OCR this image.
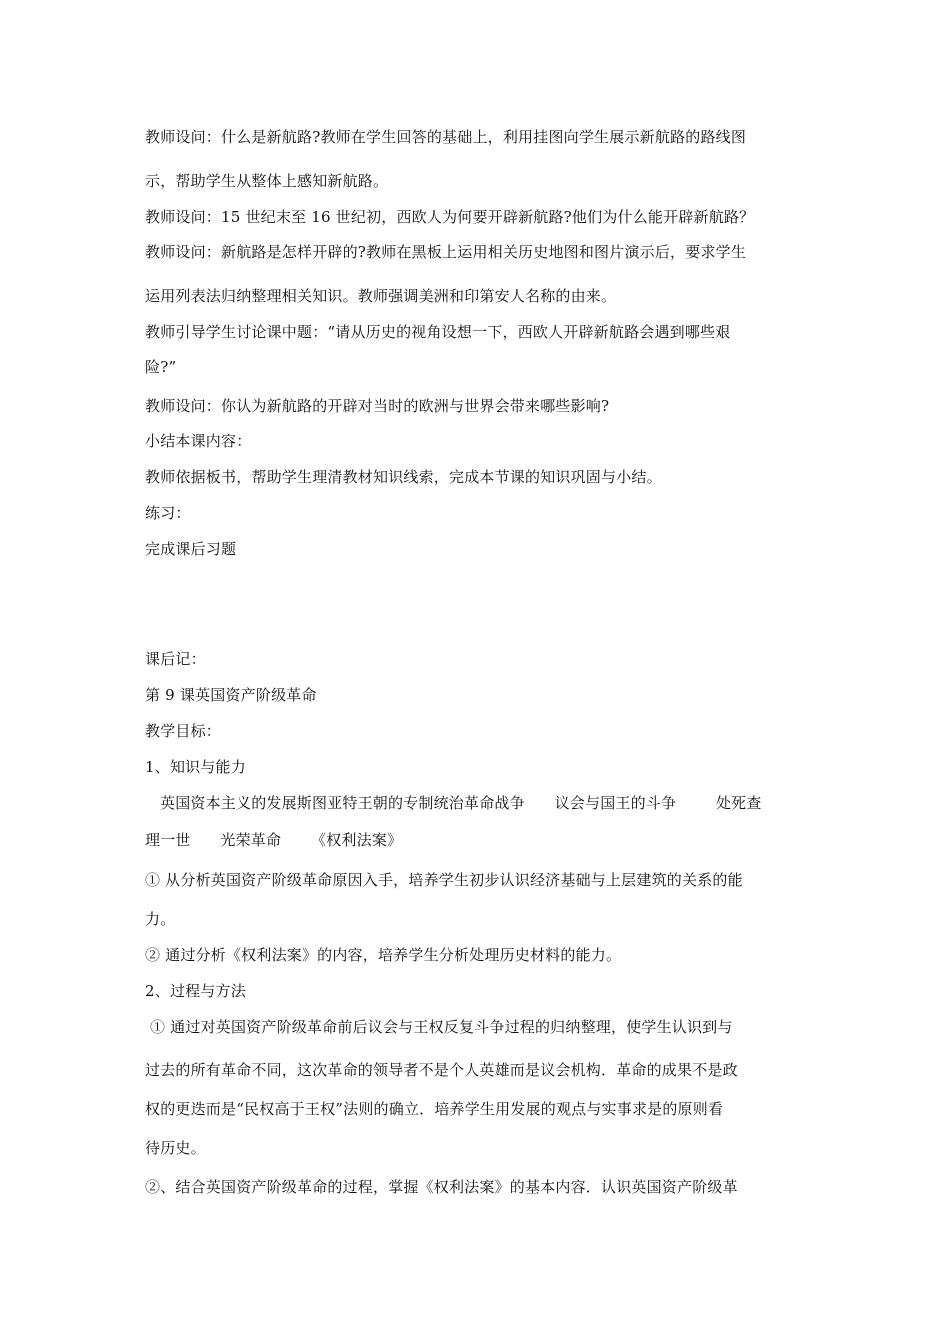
教师设问：什么是新航路?教师在学生回答的基础上，利用挂图向学生展示新航路的路线图
示，帮助学生从整体上感知新航路。
教师设问：15 世纪末至 16 世纪初，西欧人为何要开辟新航路?他们为什么能开辟新航路？
教师设问：新航路是怎样开辟的?教师在黑板上运用相关历史地图和图片演示后，要求学生
运用列表法归纳整理相关知识。教师强调美洲和印第安人名称的由来。
教师引导学生讨论课中题：“请从历史的视角设想一下，西欧人开辟新航路会遇到哪些艰
险?”
教师设问：你认为新航路的开辟对当时的欧洲与世界会带来哪些影响?
小结本课内容：
教师依据板书，帮助学生理清教材知识线索，完成本节课的知识巩固与小结。
练习：
完成课后习题
课后记：
第 9 课英国资产阶级革命
教学目标：
1、知识与能力
英国资本主义的发展斯图亚特王朝的专制统治革命战争      议会与国王的斗争        处死查
理一世      光荣革命      《权利法案》
① 从分析英国资产阶级革命原因入手，培养学生初步认识经济基础与上层建筑的关系的能
力。
② 通过分析《权利法案》的内容，培养学生分析处理历史材料的能力。
2、过程与方法
① 通过对英国资产阶级革命前后议会与王权反复斗争过程的归纳整理，使学生认识到与
过去的所有革命不同，这次革命的领导者不是个人英雄而是议会机构．革命的成果不是政
权的更迭而是“民权高于王权”法则的确立．培养学生用发展的观点与实事求是的原则看
待历史。
②、结合英国资产阶级革命的过程，掌握《权利法案》的基本内容．认识英国资产阶级革
